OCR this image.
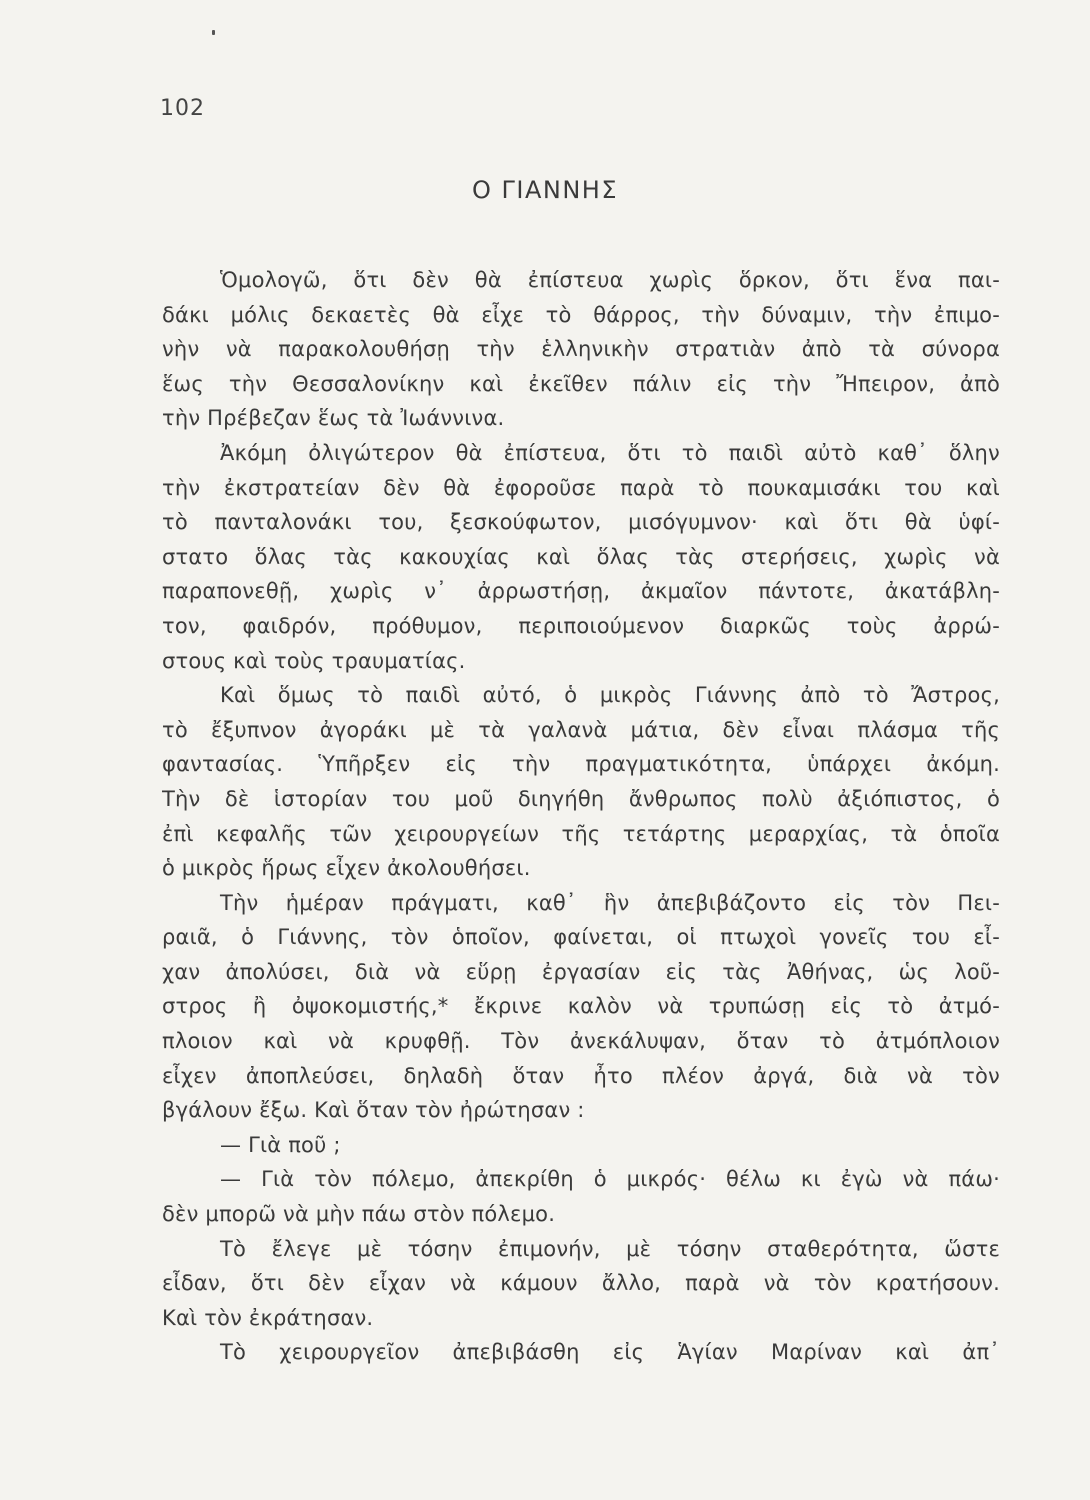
102
Ο ΓΙΑΝΝΗΣ
Ὁμολογῶ, ὅτι δὲν θὰ ἐπίστευα χωρὶς ὅρκον, ὅτι ἕνα παι-
δάκι μόλις δεκαετὲς θὰ εἶχε τὸ θάρρος, τὴν δύναμιν, τὴν ἐπιμο-
νὴν νὰ παρακολουθήσῃ τὴν ἑλληνικὴν στρατιὰν ἀπὸ τὰ σύνορα
ἕως τὴν Θεσσαλονίκην καὶ ἐκεῖθεν πάλιν εἰς τὴν Ἤπειρον, ἀπὸ
τὴν Πρέβεζαν ἕως τὰ Ἰωάννινα.
Ἀκόμη ὀλιγώτερον θὰ ἐπίστευα, ὅτι τὸ παιδὶ αὐτὸ καθ᾽ ὅλην
τὴν ἐκστρατείαν δὲν θὰ ἐφοροῦσε παρὰ τὸ πουκαμισάκι του καὶ
τὸ πανταλονάκι του, ξεσκούφωτον, μισόγυμνον· καὶ ὅτι θὰ ὑφί-
στατο ὅλας τὰς κακουχίας καὶ ὅλας τὰς στερήσεις, χωρὶς νὰ
παραπονεθῇ, χωρὶς ν᾽ ἀρρωστήσῃ, ἀκμαῖον πάντοτε, ἀκατάβλη-
τον, φαιδρόν, πρόθυμον, περιποιούμενον διαρκῶς τοὺς ἀρρώ-
στους καὶ τοὺς τραυματίας.
Καὶ ὅμως τὸ παιδὶ αὐτό, ὁ μικρὸς Γιάννης ἀπὸ τὸ Ἄστρος,
τὸ ἔξυπνον ἀγοράκι μὲ τὰ γαλανὰ μάτια, δὲν εἶναι πλάσμα τῆς
φαντασίας. Ὑπῆρξεν εἰς τὴν πραγματικότητα, ὑπάρχει ἀκόμη.
Τὴν δὲ ἱστορίαν του μοῦ διηγήθη ἄνθρωπος πολὺ ἀξιόπιστος, ὁ
ἐπὶ κεφαλῆς τῶν χειρουργείων τῆς τετάρτης μεραρχίας, τὰ ὁποῖα
ὁ μικρὸς ἥρως εἶχεν ἀκολουθήσει.
Τὴν ἡμέραν πράγματι, καθ᾽ ἣν ἀπεβιβάζοντο εἰς τὸν Πει-
ραιᾶ, ὁ Γιάννης, τὸν ὁποῖον, φαίνεται, οἱ πτωχοὶ γονεῖς του εἶ-
χαν ἀπολύσει, διὰ νὰ εὕρῃ ἐργασίαν εἰς τὰς Ἀθήνας, ὡς λοῦ-
στρος ἢ ὀψοκομιστής,* ἔκρινε καλὸν νὰ τρυπώσῃ εἰς τὸ ἀτμό-
πλοιον καὶ νὰ κρυφθῇ. Τὸν ἀνεκάλυψαν, ὅταν τὸ ἀτμόπλοιον
εἶχεν ἀποπλεύσει, δηλαδὴ ὅταν ἦτο πλέον ἀργά, διὰ νὰ τὸν
βγάλουν ἔξω. Καὶ ὅταν τὸν ἠρώτησαν :
— Γιὰ ποῦ ;
— Γιὰ τὸν πόλεμο, ἀπεκρίθη ὁ μικρός· θέλω κι ἐγὼ νὰ πάω·
δὲν μπορῶ νὰ μὴν πάω στὸν πόλεμο.
Τὸ ἔλεγε μὲ τόσην ἐπιμονήν, μὲ τόσην σταθερότητα, ὥστε
εἶδαν, ὅτι δὲν εἶχαν νὰ κάμουν ἄλλο, παρὰ νὰ τὸν κρατήσουν.
Καὶ τὸν ἐκράτησαν.
Τὸ χειρουργεῖον ἀπεβιβάσθη εἰς Ἁγίαν Μαρίναν καὶ ἀπ᾽
